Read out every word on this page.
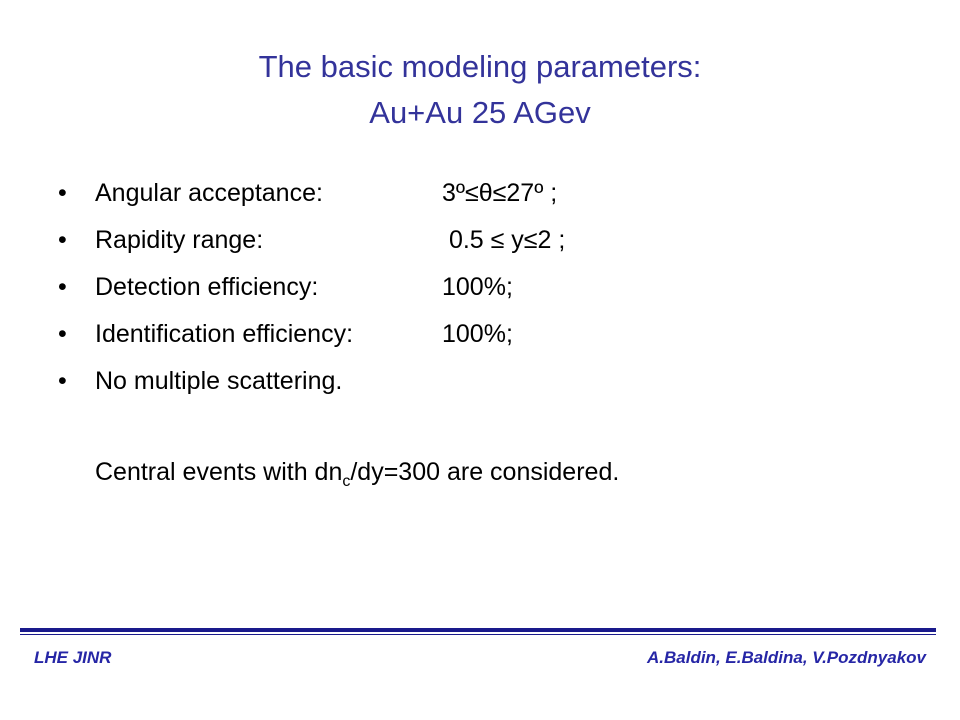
The basic modeling parameters:
Au+Au 25 AGev
•	Angular acceptance:	3º≤θ≤27º ;
•	Rapidity range:	0.5 ≤ y≤2 ;
•	Detection efficiency:	100%;
•	Identification efficiency:	100%;
•	No multiple scattering.
Central events with $dn_c/dy=300$ are considered.
LHE JINR	A.Baldin, E.Baldina, V.Pozdnyakov
